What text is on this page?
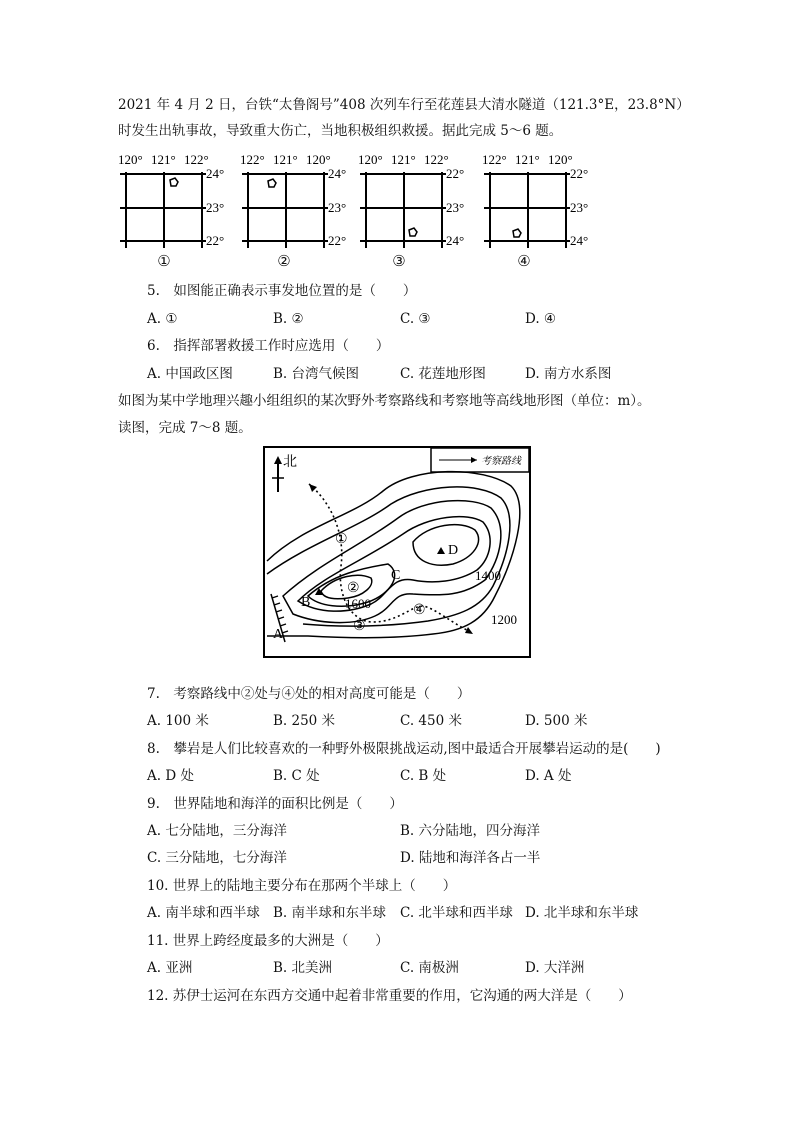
2021 年 4 月 2 日，台铁“太鲁阁号”408 次列车行至花莲县大清水隧道（121.3°E，23.8°N）
时发生出轨事故，导致重大伤亡，当地积极组织救援。据此完成 5～6 题。
120° 121° 122°
24°
23°
22°
①
122° 121° 120°
24°
23°
22°
②
120° 121° 122°
22°
23°
24°
③
122° 121° 120°
22°
23°
24°
④
5.　如图能正确表示事发地位置的是（　　）
A. ①	B. ②	C. ③	D. ④
6.　指挥部署救援工作时应选用（　　）
A. 中国政区图	B. 台湾气候图	C. 花莲地形图	D. 南方水系图
如图为某中学地理兴趣小组组织的某次野外考察路线和考察地等高线地形图（单位：m）。
读图，完成 7～8 题。
考察路线
北
D
B
C
A
①
②
③
④
1600
1400
1200
7.　考察路线中②处与④处的相对高度可能是（　　）
A. 100 米	B. 250 米	C. 450 米	D. 500 米
8.　攀岩是人们比较喜欢的一种野外极限挑战运动,图中最适合开展攀岩运动的是(　　)
A. D 处	B. C 处	C. B 处	D. A 处
9.　世界陆地和海洋的面积比例是（　　）
A. 七分陆地，三分海洋	B. 六分陆地，四分海洋
C. 三分陆地，七分海洋	D. 陆地和海洋各占一半
10. 世界上的陆地主要分布在那两个半球上（　　）
A. 南半球和西半球 B. 南半球和东半球 C. 北半球和西半球 D. 北半球和东半球
11. 世界上跨经度最多的大洲是（　　）
A. 亚洲	B. 北美洲	C. 南极洲	D. 大洋洲
12. 苏伊士运河在东西方交通中起着非常重要的作用，它沟通的两大洋是（　　）
